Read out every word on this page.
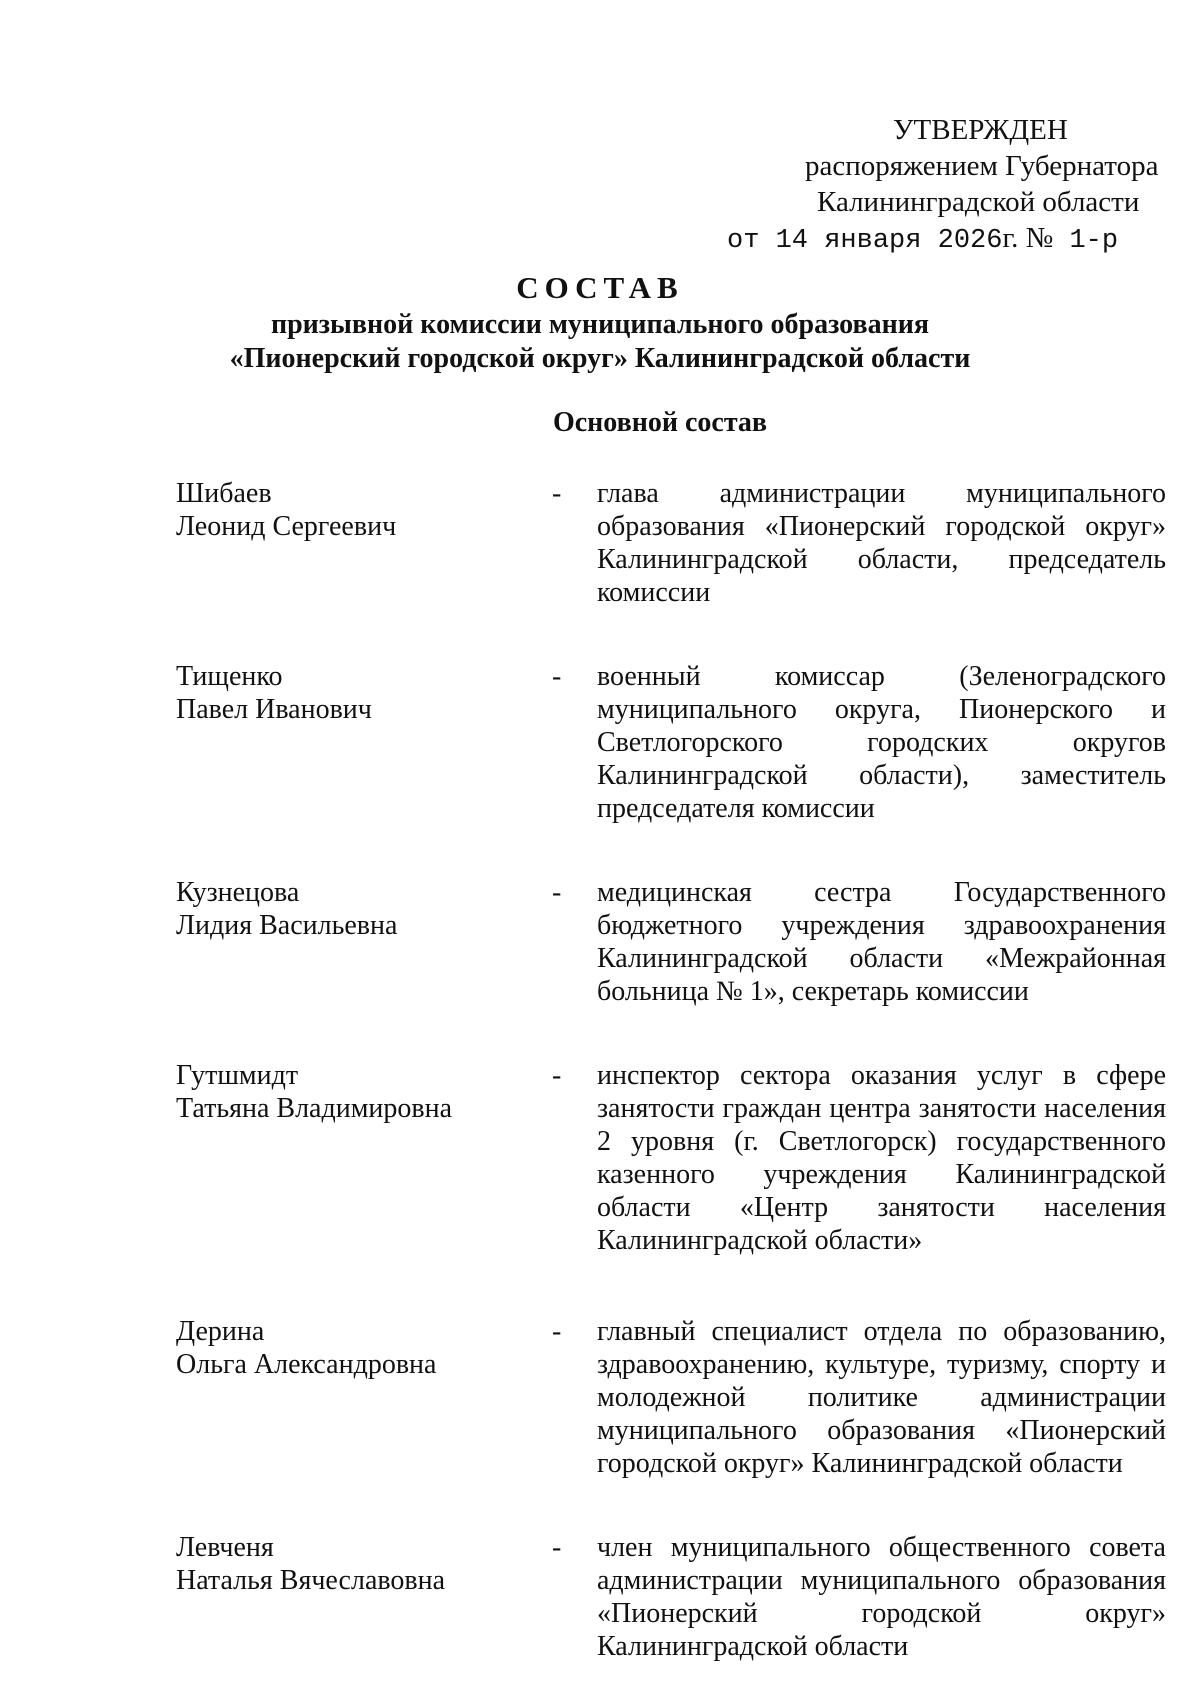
УТВЕРЖДЕН
распоряжением Губернатора
Калининградской области
от 14 января 2026г. № 1-р
СОСТАВ
призывной комиссии муниципального образования
«Пионерский городской округ» Калининградской области
Основной состав
Шибаев
Леонид Сергеевич
- глава администрации муниципального образования «Пионерский городской округ» Калининградской области, председатель комиссии
Тищенко
Павел Иванович
- военный комиссар (Зеленоградского муниципального округа, Пионерского и Светлогорского городских округов Калининградской области), заместитель председателя комиссии
Кузнецова
Лидия Васильевна
- медицинская сестра Государственного бюджетного учреждения здравоохранения Калининградской области «Межрайонная больница № 1», секретарь комиссии
Гутшмидт
Татьяна Владимировна
- инспектор сектора оказания услуг в сфере занятости граждан центра занятости населения 2 уровня (г. Светлогорск) государственного казенного учреждения Калининградской области «Центр занятости населения Калининградской области»
Дерина
Ольга Александровна
- главный специалист отдела по образованию, здравоохранению, культуре, туризму, спорту и молодежной политике администрации муниципального образования «Пионерский городской округ» Калининградской области
Левченя
Наталья Вячеславовна
- член муниципального общественного совета администрации муниципального образования «Пионерский городской округ» Калининградской области
